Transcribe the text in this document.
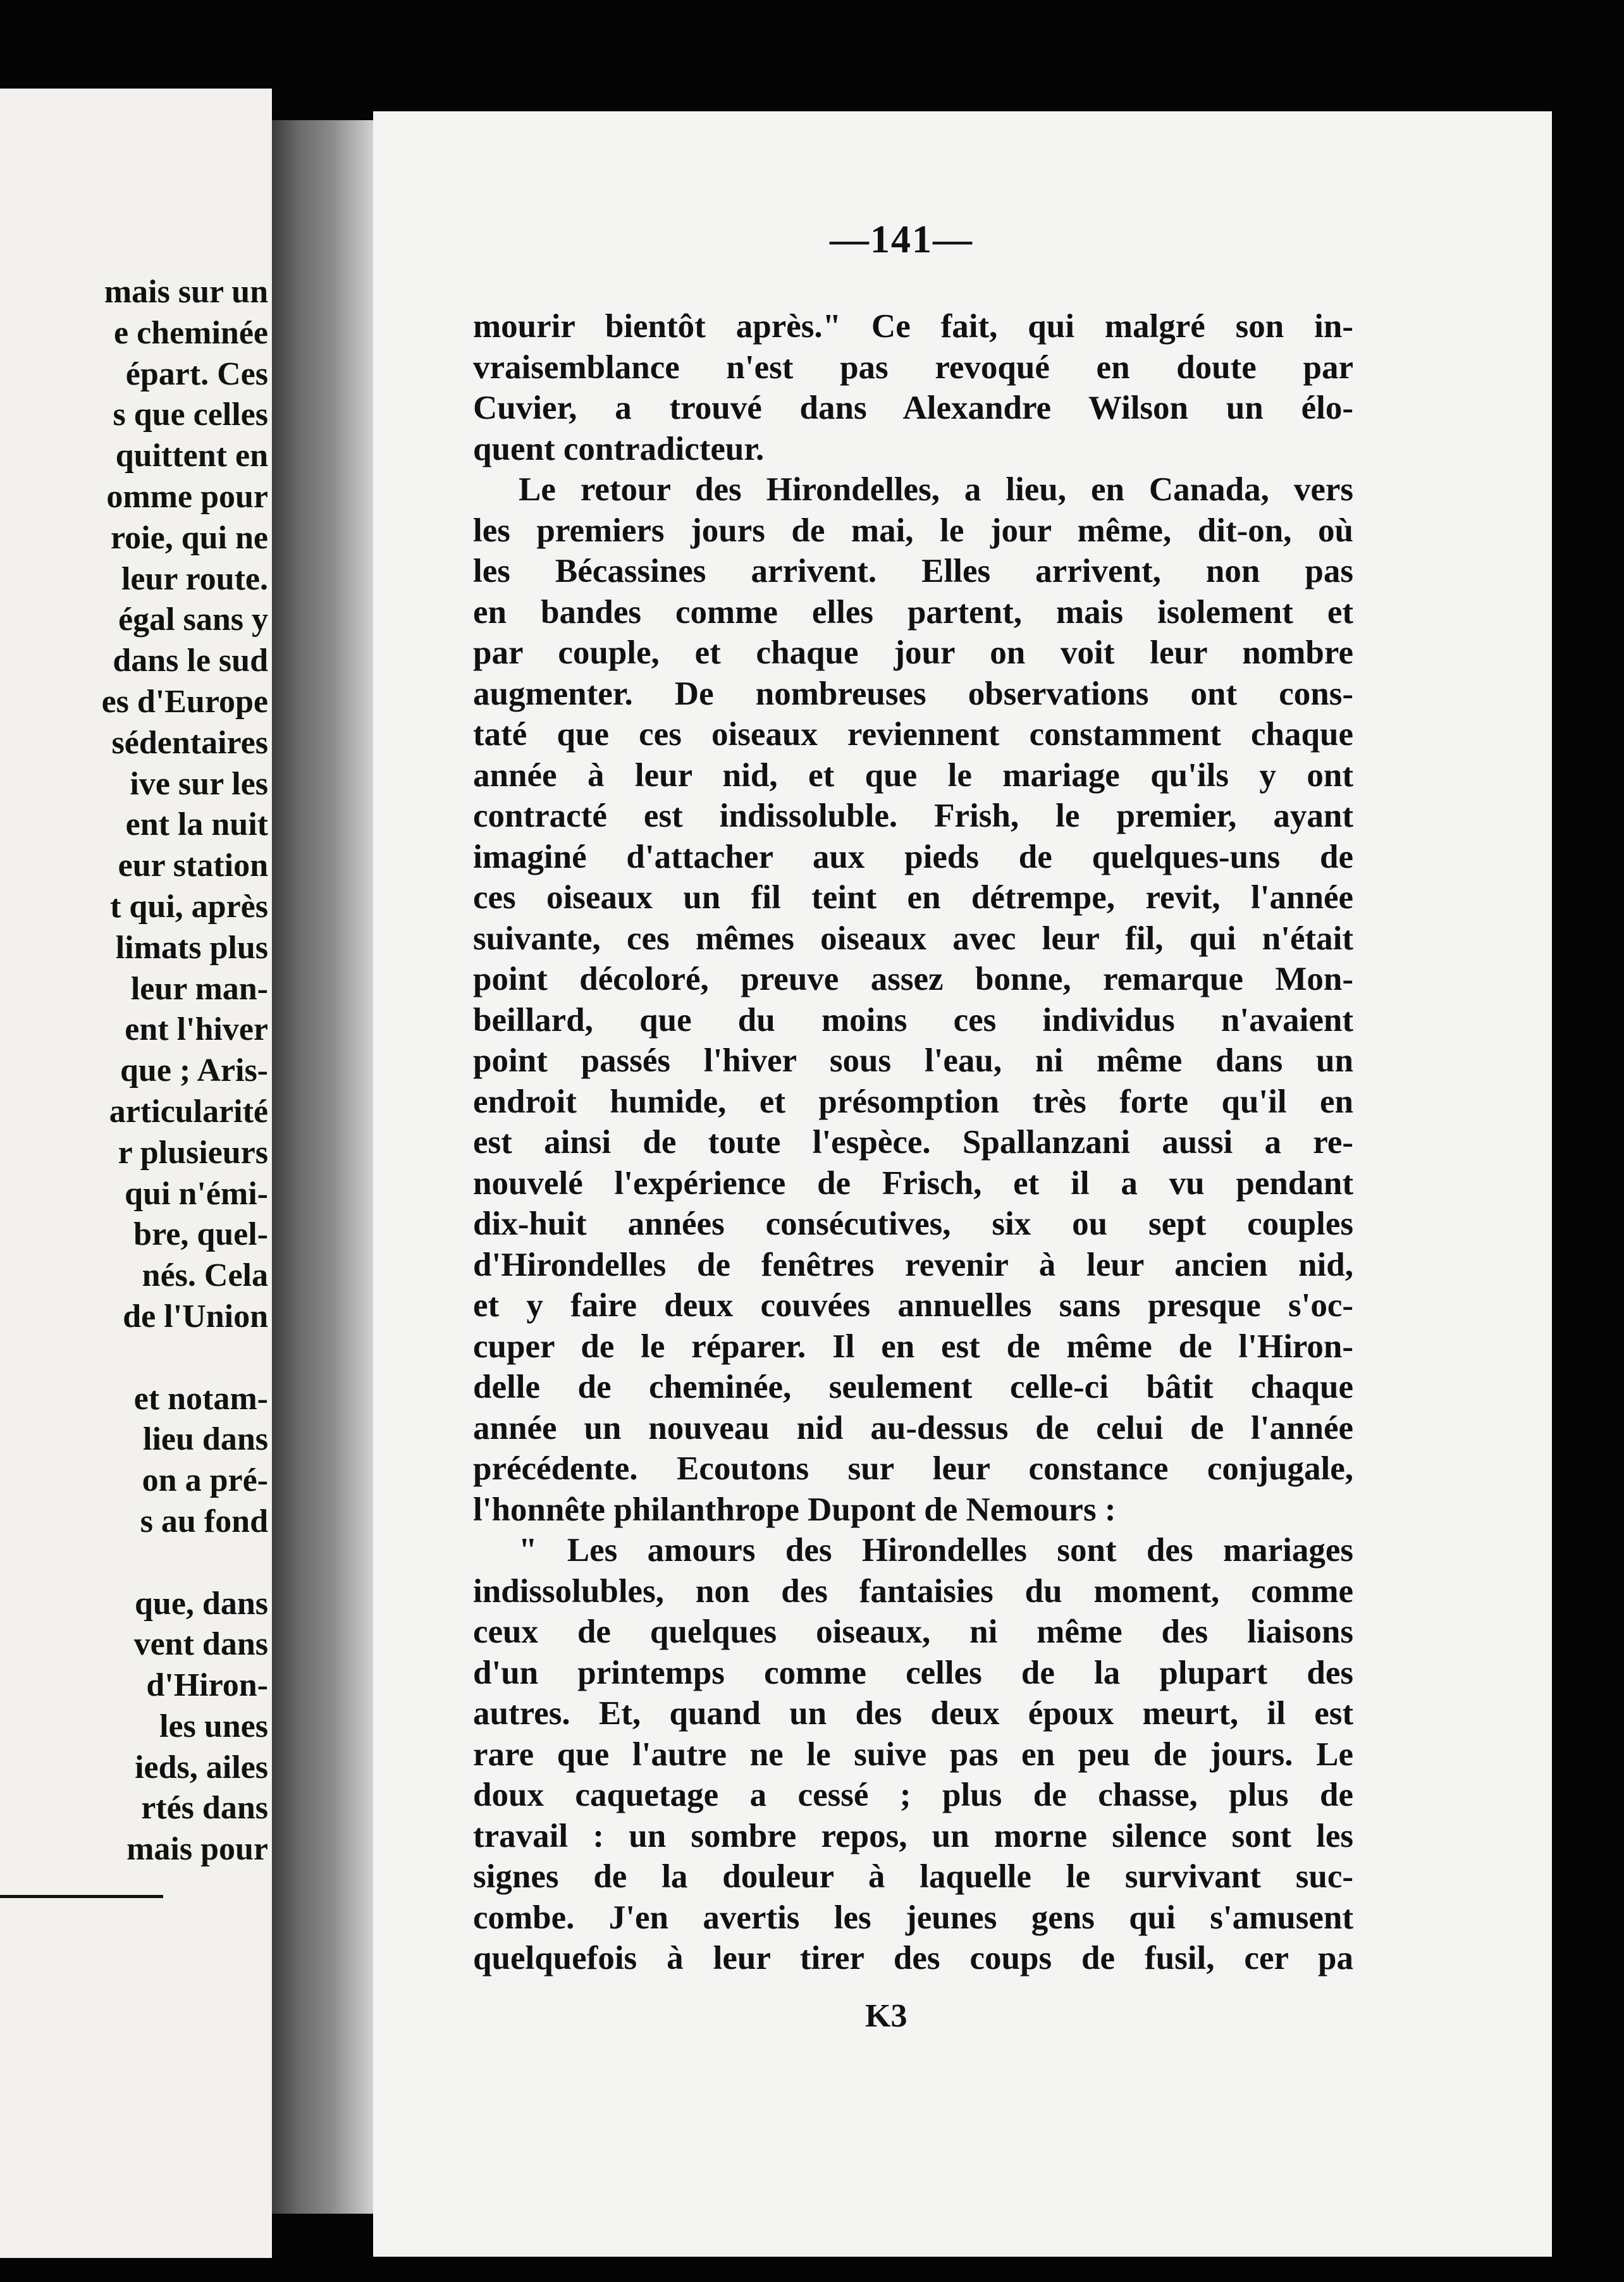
mais sur un
e cheminée
épart. Ces
s que celles
quittent en
omme pour
roie, qui ne
leur route.
égal sans y
dans le sud
es d'Europe
sédentaires
ive sur les
ent la nuit
eur station
t qui, après
limats plus
leur man-
ent l'hiver
que ; Aris-
articularité
r plusieurs
qui n'émi-
bre, quel-
nés. Cela
de l'Union
et notam-
lieu dans
on a pré-
s au fond
que, dans
vent dans
d'Hiron-
les unes
ieds, ailes
rtés dans
mais pour
—141—
mourir bientôt après." Ce fait, qui malgré son in-
vraisemblance n'est pas revoqué en doute par
Cuvier, a trouvé dans Alexandre Wilson un élo-
quent contradicteur.
Le retour des Hirondelles, a lieu, en Canada, vers
les premiers jours de mai, le jour même, dit-on, où
les Bécassines arrivent. Elles arrivent, non pas
en bandes comme elles partent, mais isolement et
par couple, et chaque jour on voit leur nombre
augmenter. De nombreuses observations ont cons-
taté que ces oiseaux reviennent constamment chaque
année à leur nid, et que le mariage qu'ils y ont
contracté est indissoluble. Frish, le premier, ayant
imaginé d'attacher aux pieds de quelques-uns de
ces oiseaux un fil teint en détrempe, revit, l'année
suivante, ces mêmes oiseaux avec leur fil, qui n'était
point décoloré, preuve assez bonne, remarque Mon-
beillard, que du moins ces individus n'avaient
point passés l'hiver sous l'eau, ni même dans un
endroit humide, et présomption très forte qu'il en
est ainsi de toute l'espèce. Spallanzani aussi a re-
nouvelé l'expérience de Frisch, et il a vu pendant
dix-huit années consécutives, six ou sept couples
d'Hirondelles de fenêtres revenir à leur ancien nid,
et y faire deux couvées annuelles sans presque s'oc-
cuper de le réparer. Il en est de même de l'Hiron-
delle de cheminée, seulement celle-ci bâtit chaque
année un nouveau nid au-dessus de celui de l'année
précédente. Ecoutons sur leur constance conjugale,
l'honnête philanthrope Dupont de Nemours :
" Les amours des Hirondelles sont des mariages
indissolubles, non des fantaisies du moment, comme
ceux de quelques oiseaux, ni même des liaisons
d'un printemps comme celles de la plupart des
autres. Et, quand un des deux époux meurt, il est
rare que l'autre ne le suive pas en peu de jours. Le
doux caquetage a cessé ; plus de chasse, plus de
travail : un sombre repos, un morne silence sont les
signes de la douleur à laquelle le survivant suc-
combe. J'en avertis les jeunes gens qui s'amusent
quelquefois à leur tirer des coups de fusil, cer pa
K3
